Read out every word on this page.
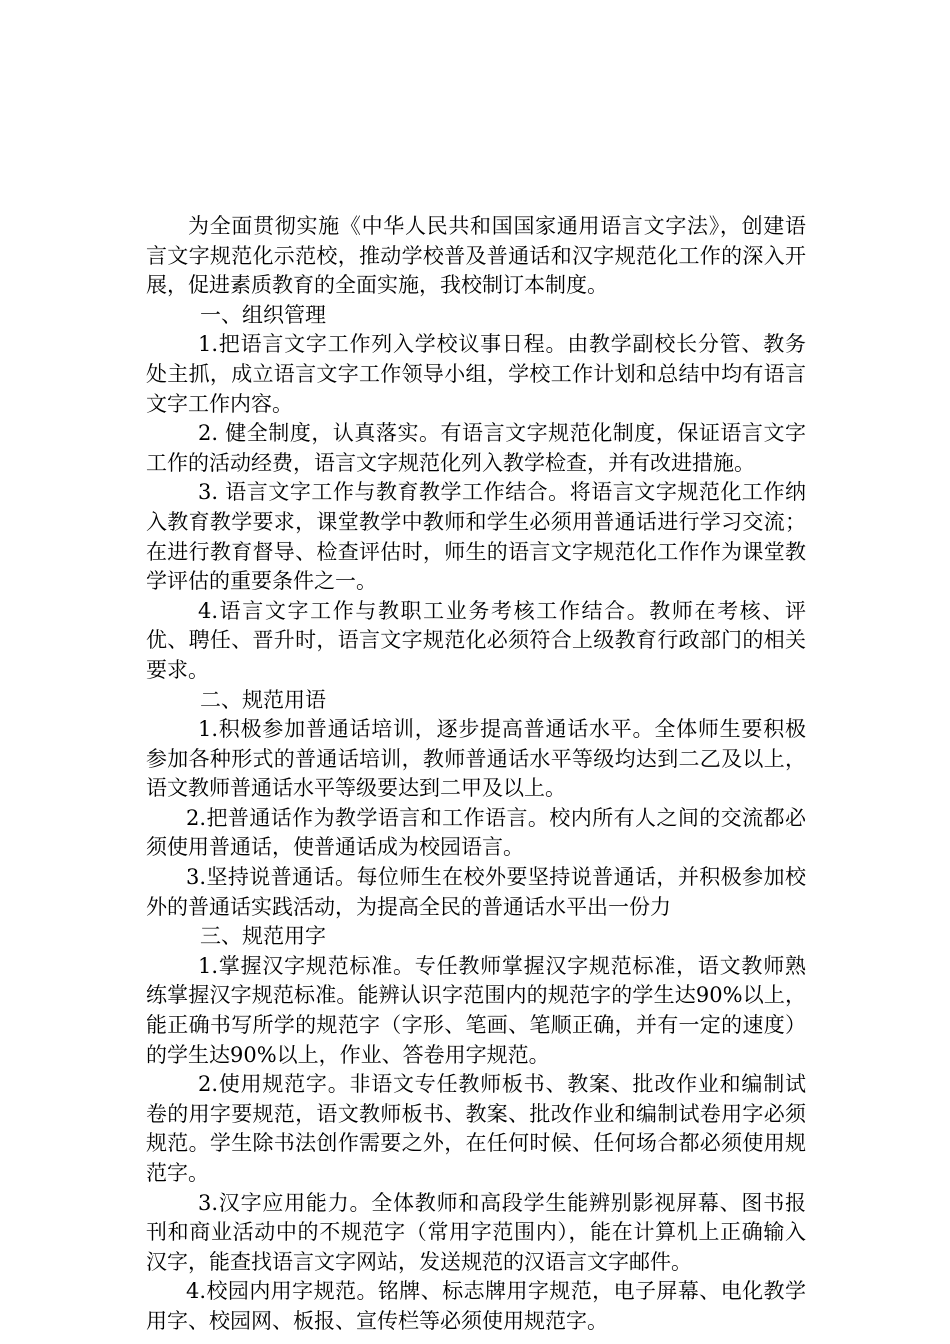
为全面贯彻实施《中华人民共和国国家通用语言文字法》，创建语言文字规范化示范校，推动学校普及普通话和汉字规范化工作的深入开展，促进素质教育的全面实施，我校制订本制度。

一、组织管理

1.把语言文字工作列入学校议事日程。由教学副校长分管、教务处主抓，成立语言文字工作领导小组，学校工作计划和总结中均有语言文字工作内容。

2. 健全制度，认真落实。有语言文字规范化制度，保证语言文字工作的活动经费，语言文字规范化列入教学检查，并有改进措施。

3. 语言文字工作与教育教学工作结合。将语言文字规范化工作纳入教育教学要求，课堂教学中教师和学生必须用普通话进行学习交流；在进行教育督导、检查评估时，师生的语言文字规范化工作作为课堂教学评估的重要条件之一。

4.语言文字工作与教职工业务考核工作结合。教师在考核、评优、聘任、晋升时，语言文字规范化必须符合上级教育行政部门的相关要求。

二、规范用语

1.积极参加普通话培训，逐步提高普通话水平。全体师生要积极参加各种形式的普通话培训，教师普通话水平等级均达到二乙及以上，语文教师普通话水平等级要达到二甲及以上。

2.把普通话作为教学语言和工作语言。校内所有人之间的交流都必须使用普通话，使普通话成为校园语言。

3.坚持说普通话。每位师生在校外要坚持说普通话，并积极参加校外的普通话实践活动，为提高全民的普通话水平出一份力

三、规范用字

1.掌握汉字规范标准。专任教师掌握汉字规范标准，语文教师熟练掌握汉字规范标准。能辨认识字范围内的规范字的学生达90%以上，能正确书写所学的规范字（字形、笔画、笔顺正确，并有一定的速度）的学生达90%以上，作业、答卷用字规范。

2.使用规范字。非语文专任教师板书、教案、批改作业和编制试卷的用字要规范，语文教师板书、教案、批改作业和编制试卷用字必须规范。学生除书法创作需要之外，在任何时候、任何场合都必须使用规范字。

3.汉字应用能力。全体教师和高段学生能辨别影视屏幕、图书报刊和商业活动中的不规范字（常用字范围内），能在计算机上正确输入汉字，能查找语言文字网站，发送规范的汉语言文字邮件。

4.校园内用字规范。铭牌、标志牌用字规范，电子屏幕、电化教学用字、校园网、板报、宣传栏等必须使用规范字。
